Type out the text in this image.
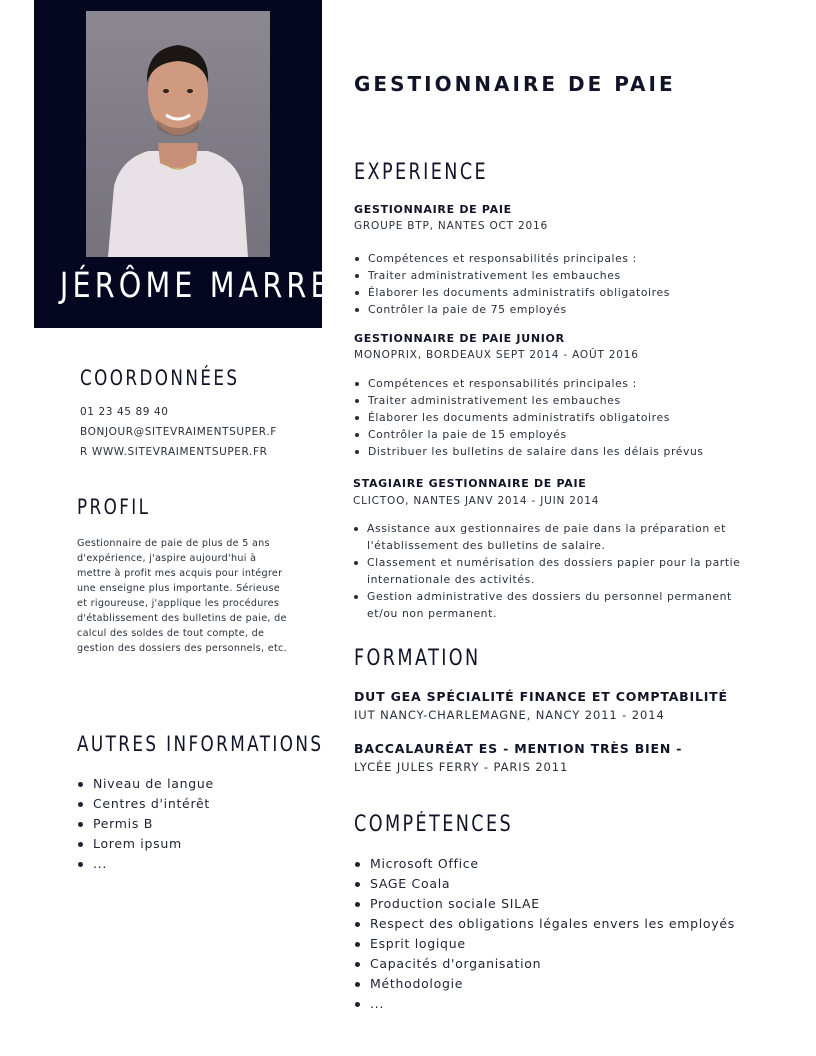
JÉRÔME MARRET
COORDONNÉES
01 23 45 89 40
BONJOUR@SITEVRAIMENTSUPER.F
R WWW.SITEVRAIMENTSUPER.FR
PROFIL
Gestionnaire de paie de plus de 5 ans d'expérience, j'aspire aujourd'hui à mettre à profit mes acquis pour intégrer une enseigne plus importante. Sérieuse et rigoureuse, j'applique les procédures d'établissement des bulletins de paie, de calcul des soldes de tout compte, de gestion des dossiers des personnels, etc.
AUTRES INFORMATIONS
Niveau de langue
Centres d'intérêt
Permis B
Lorem ipsum
...
GESTIONNAIRE DE PAIE
EXPERIENCE
GESTIONNAIRE DE PAIE
GROUPE BTP, NANTES OCT 2016
Compétences et responsabilités principales :
Traiter administrativement les embauches
Élaborer les documents administratifs obligatoires
Contrôler la paie de 75 employés
GESTIONNAIRE DE PAIE JUNIOR
MONOPRIX, BORDEAUX SEPT 2014 - AOÛT 2016
Compétences et responsabilités principales :
Traiter administrativement les embauches
Élaborer les documents administratifs obligatoires
Contrôler la paie de 15 employés
Distribuer les bulletins de salaire dans les délais prévus
STAGIAIRE GESTIONNAIRE DE PAIE
CLICTOO, NANTES JANV 2014 - JUIN 2014
Assistance aux gestionnaires de paie dans la préparation et l'établissement des bulletins de salaire.
Classement et numérisation des dossiers papier pour la partie internationale des activités.
Gestion administrative des dossiers du personnel permanent et/ou non permanent.
FORMATION
DUT GEA SPÉCIALITÉ FINANCE ET COMPTABILITÉ
IUT NANCY-CHARLEMAGNE, NANCY 2011 - 2014
BACCALAURÉAT ES - MENTION TRÈS BIEN -
LYCÉE JULES FERRY - PARIS 2011
COMPÉTENCES
Microsoft Office
SAGE Coala
Production sociale SILAE
Respect des obligations légales envers les employés
Esprit logique
Capacités d'organisation
Méthodologie
...
